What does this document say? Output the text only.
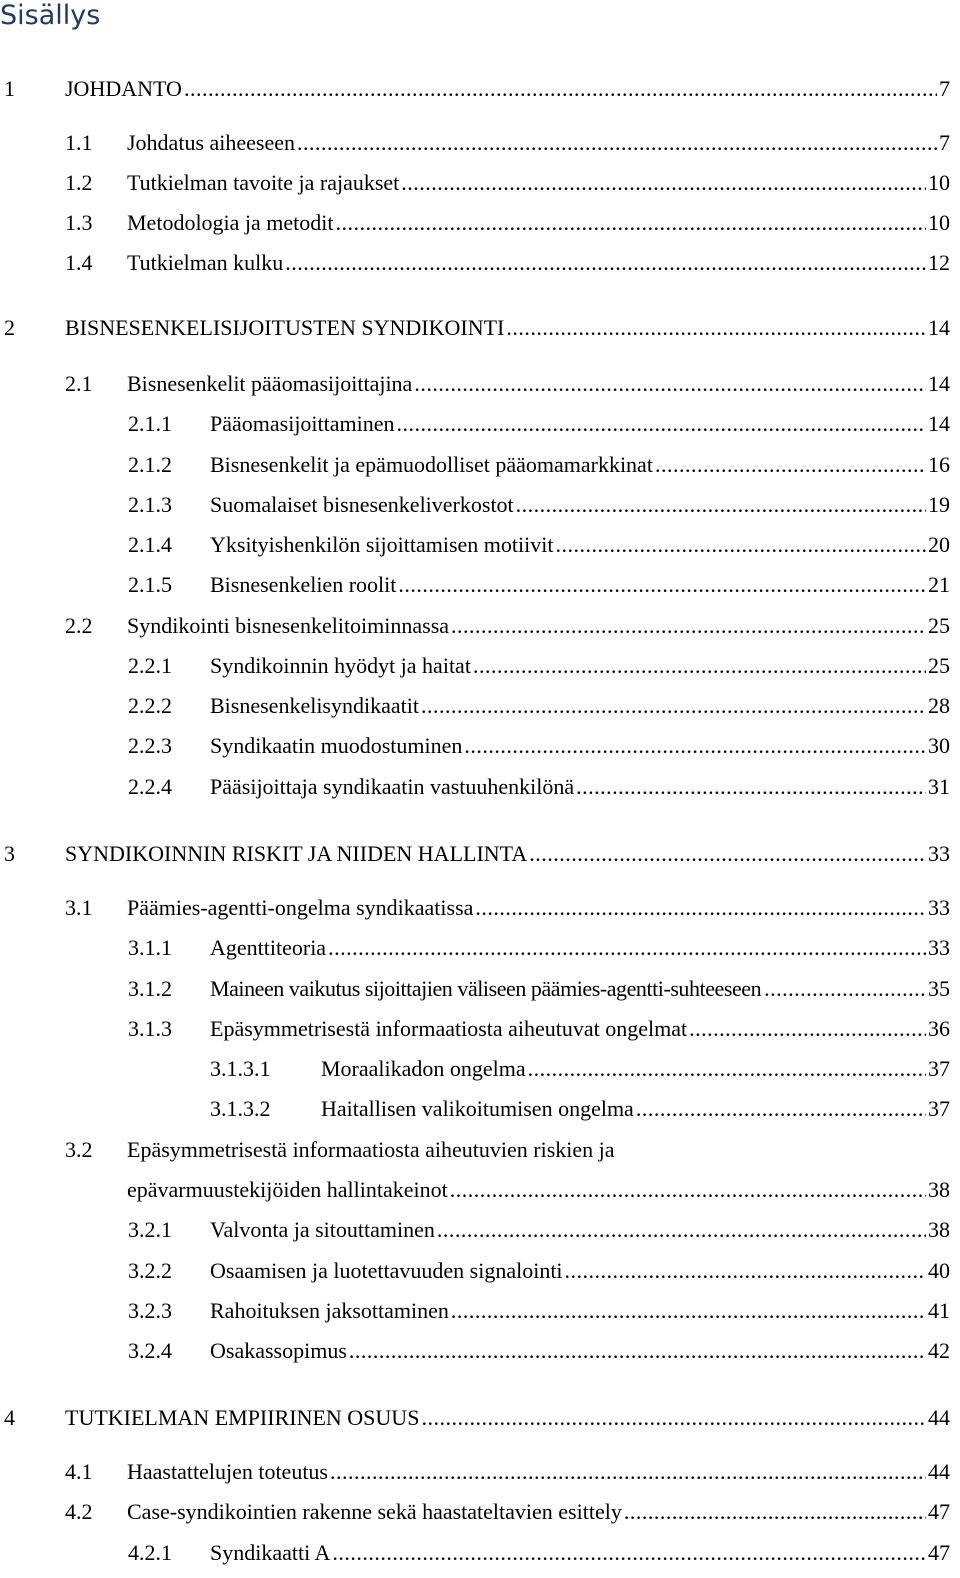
Sisällys
1	JOHDANTO .....	7
1.1	Johdatus aiheeseen .....	7
1.2	Tutkielman tavoite ja rajaukset .....	10
1.3	Metodologia ja metodit .....	10
1.4	Tutkielman kulku .....	12
2	BISNESENKELISIJOITUSTEN SYNDIKOINTI .....	14
2.1	Bisnesenkelit pääomasijoittajina .....	14
2.1.1	Pääomasijoittaminen .....	14
2.1.2	Bisnesenkelit ja epämuodolliset pääomamarkkinat .....	16
2.1.3	Suomalaiset bisnesenkeliverkostot .....	19
2.1.4	Yksityishenkilön sijoittamisen motiivit .....	20
2.1.5	Bisnesenkelien roolit .....	21
2.2	Syndikointi bisnesenkelitoiminnassa .....	25
2.2.1	Syndikoinnin hyödyt ja haitat .....	25
2.2.2	Bisnesenkelisyndikaatit .....	28
2.2.3	Syndikaatin muodostuminen .....	30
2.2.4	Pääsijoittaja syndikaatin vastuuhenkilönä .....	31
3	SYNDIKOINNIN RISKIT JA NIIDEN HALLINTA .....	33
3.1	Päämies-agentti-ongelma syndikaatissa .....	33
3.1.1	Agenttiteoria .....	33
3.1.2	Maineen vaikutus sijoittajien väliseen päämies-agentti-suhteeseen .....	35
3.1.3	Epäsymmetrisestä informaatiosta aiheutuvat ongelmat .....	36
3.1.3.1	Moraalikadon ongelma .....	37
3.1.3.2	Haitallisen valikoitumisen ongelma .....	37
3.2 Epäsymmetrisestä informaatiosta aiheutuvien riskien ja
epävarmuustekijöiden hallintakeinot .....	38
3.2.1	Valvonta ja sitouttaminen .....	38
3.2.2	Osaamisen ja luotettavuuden signalointi .....	40
3.2.3	Rahoituksen jaksottaminen .....	41
3.2.4	Osakassopimus .....	42
4	TUTKIELMAN EMPIIRINEN OSUUS .....	44
4.1	Haastattelujen toteutus .....	44
4.2	Case-syndikointien rakenne sekä haastateltavien esittely .....	47
4.2.1	Syndikaatti A .....	47
